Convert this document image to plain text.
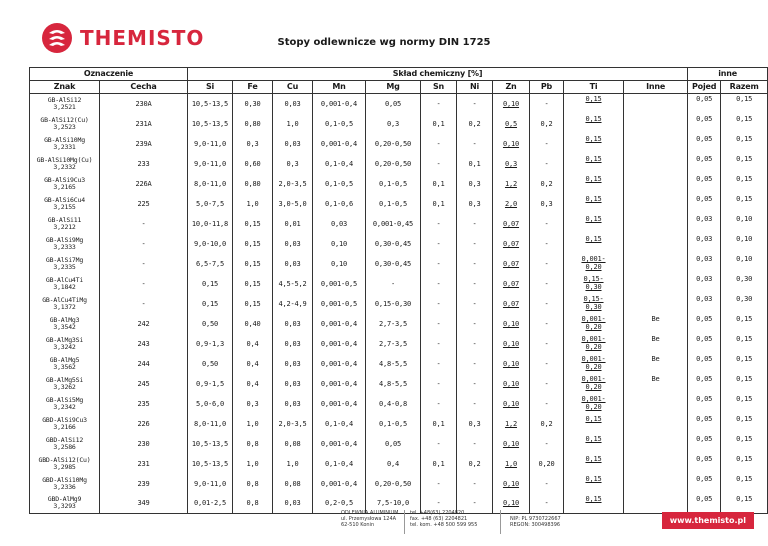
THEMISTO	Stopy odlewnicze wg normy DIN 1725
Oznaczenie		Skład chemiczny [%]											inne	
Znak	Cecha	Si	Fe	Cu	Mn	Mg	Sn	Ni	Zn	Pb	Ti	Inne	Pojed	Razem
GB-AlSi12
3,2521	230A	10,5-13,5	0,30	0,03	0,001-0,4	0,05	-	-	0,10	-	0,15		0,05	0,15
GB-AlSi12(Cu)
3,2523	231A	10,5-13,5	0,80	1,0	0,1-0,5	0,3	0,1	0,2	0,5	0,2	0,15		0,05	0,15
GB-AlSi10Mg
3,2331	239A	9,0-11,0	0,3	0,03	0,001-0,4	0,20-0,50	-	-	0,10	-	0,15		0,05	0,15
GB-AlSi10Mg(Cu)
3,2332	233	9,0-11,0	0,60	0,3	0,1-0,4	0,20-0,50	-	0,1	0,3	-	0,15		0,05	0,15
GB-AlSi9Cu3
3,2165	226A	8,0-11,0	0,80	2,0-3,5	0,1-0,5	0,1-0,5	0,1	0,3	1,2	0,2	0,15		0,05	0,15
GB-AlSi6Cu4
3,2155	225	5,0-7,5	1,0	3,0-5,0	0,1-0,6	0,1-0,5	0,1	0,3	2,0	0,3	0,15		0,05	0,15
GB-AlSi11
3,2212	-	10,0-11,8	0,15	0,01	0,03	0,001-0,45	-	-	0,07	-	0,15		0,03	0,10
GB-AlSi9Mg
3,2333	-	9,0-10,0	0,15	0,03	0,10	0,30-0,45	-	-	0,07	-	0,15		0,03	0,10
GB-AlSi7Mg
3,2335	-	6,5-7,5	0,15	0,03	0,10	0,30-0,45	-	-	0,07	-	0,001-
0,20		0,03	0,10
GB-AlCu4Ti
3,1842	-	0,15	0,15	4,5-5,2	0,001-0,5	-	-	-	0,07	-	0,15-
0,30		0,03	0,30
GB-AlCu4TiMg
3,1372	-	0,15	0,15	4,2-4,9	0,001-0,5	0,15-0,30	-	-	0,07	-	0,15-
0,30		0,03	0,30
GB-AlMg3
3,3542	242	0,50	0,40	0,03	0,001-0,4	2,7-3,5	-	-	0,10	-	0,001-
0,20	Be	0,05	0,15
GB-AlMg3Si
3,3242	243	0,9-1,3	0,4	0,03	0,001-0,4	2,7-3,5	-	-	0,10	-	0,001-
0,20	Be	0,05	0,15
GB-AlMg5
3,3562	244	0,50	0,4	0,03	0,001-0,4	4,8-5,5	-	-	0,10	-	0,001-
0,20	Be	0,05	0,15
GB-AlMg5Si
3,3262	245	0,9-1,5	0,4	0,03	0,001-0,4	4,8-5,5	-	-	0,10	-	0,001-
0,20	Be	0,05	0,15
GB-AlSi5Mg
3,2342	235	5,0-6,0	0,3	0,03	0,001-0,4	0,4-0,8	-	-	0,10	-	0,001-
0,20		0,05	0,15
GBD-AlSi9Cu3
3,2166	226	8,0-11,0	1,0	2,0-3,5	0,1-0,4	0,1-0,5	0,1	0,3	1,2	0,2	0,15		0,05	0,15
GBD-AlSi12
3,2586	230	10,5-13,5	0,8	0,08	0,001-0,4	0,05	-	-	0,10	-	0,15		0,05	0,15
GBD-AlSi12(Cu)
3,2985	231	10,5-13,5	1,0	1,0	0,1-0,4	0,4	0,1	0,2	1,0	0,20	0,15		0,05	0,15
GBD-AlSi10Mg
3,2336	239	9,0-11,0	0,8	0,08	0,001-0,4	0,20-0,50	-	-	0,10	-	0,15		0,05	0,15
GBD-AlMg9
3,3293	349	0,01-2,5	0,8	0,03	0,2-0,5	7,5-10,0	-	-	0,10	-	0,15		0,05	0,15
ODLEWNIA ALUMINIUM
ul. Przemysłowa 124A
62-510 Konin
tel. +48(63) 2204820
fax. +48 (63) 2204821
tel. kom. +48 500 599 955
NIP: PL 9730722667
REGON: 300498396	www.themisto.pl
